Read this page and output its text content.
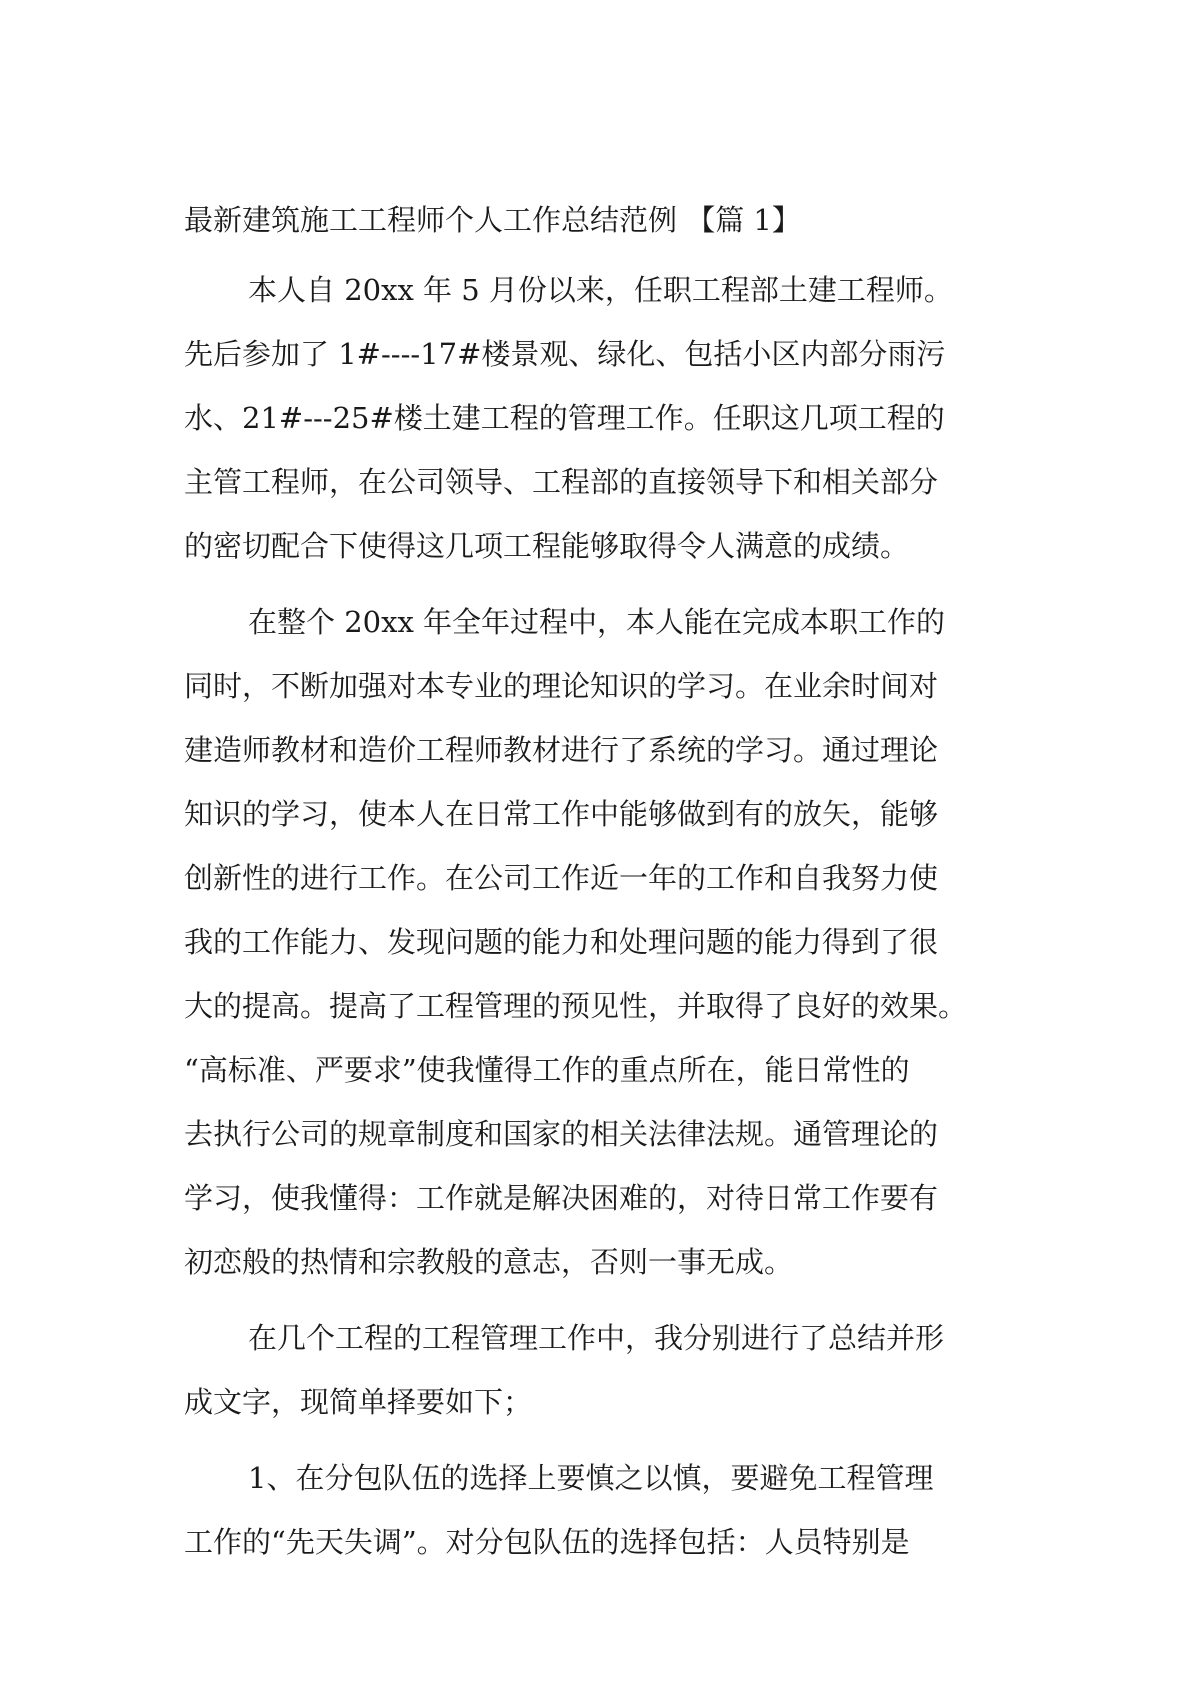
最新建筑施工工程师个人工作总结范例 【篇 1】

本人自 20xx 年 5 月份以来，任职工程部土建工程师。
先后参加了 1#----17#楼景观、绿化、包括小区内部分雨污
水、21#---25#楼土建工程的管理工作。任职这几项工程的
主管工程师，在公司领导、工程部的直接领导下和相关部分
的密切配合下使得这几项工程能够取得令人满意的成绩。

在整个 20xx 年全年过程中，本人能在完成本职工作的
同时，不断加强对本专业的理论知识的学习。在业余时间对
建造师教材和造价工程师教材进行了系统的学习。通过理论
知识的学习，使本人在日常工作中能够做到有的放矢，能够
创新性的进行工作。在公司工作近一年的工作和自我努力使
我的工作能力、发现问题的能力和处理问题的能力得到了很
大的提高。提高了工程管理的预见性，并取得了良好的效果。
“高标准、严要求”使我懂得工作的重点所在，能日常性的
去执行公司的规章制度和国家的相关法律法规。通管理论的
学习，使我懂得：工作就是解决困难的，对待日常工作要有
初恋般的热情和宗教般的意志，否则一事无成。

在几个工程的工程管理工作中，我分别进行了总结并形
成文字，现简单择要如下；

1、在分包队伍的选择上要慎之以慎，要避免工程管理
工作的“先天失调”。对分包队伍的选择包括：人员特别是
